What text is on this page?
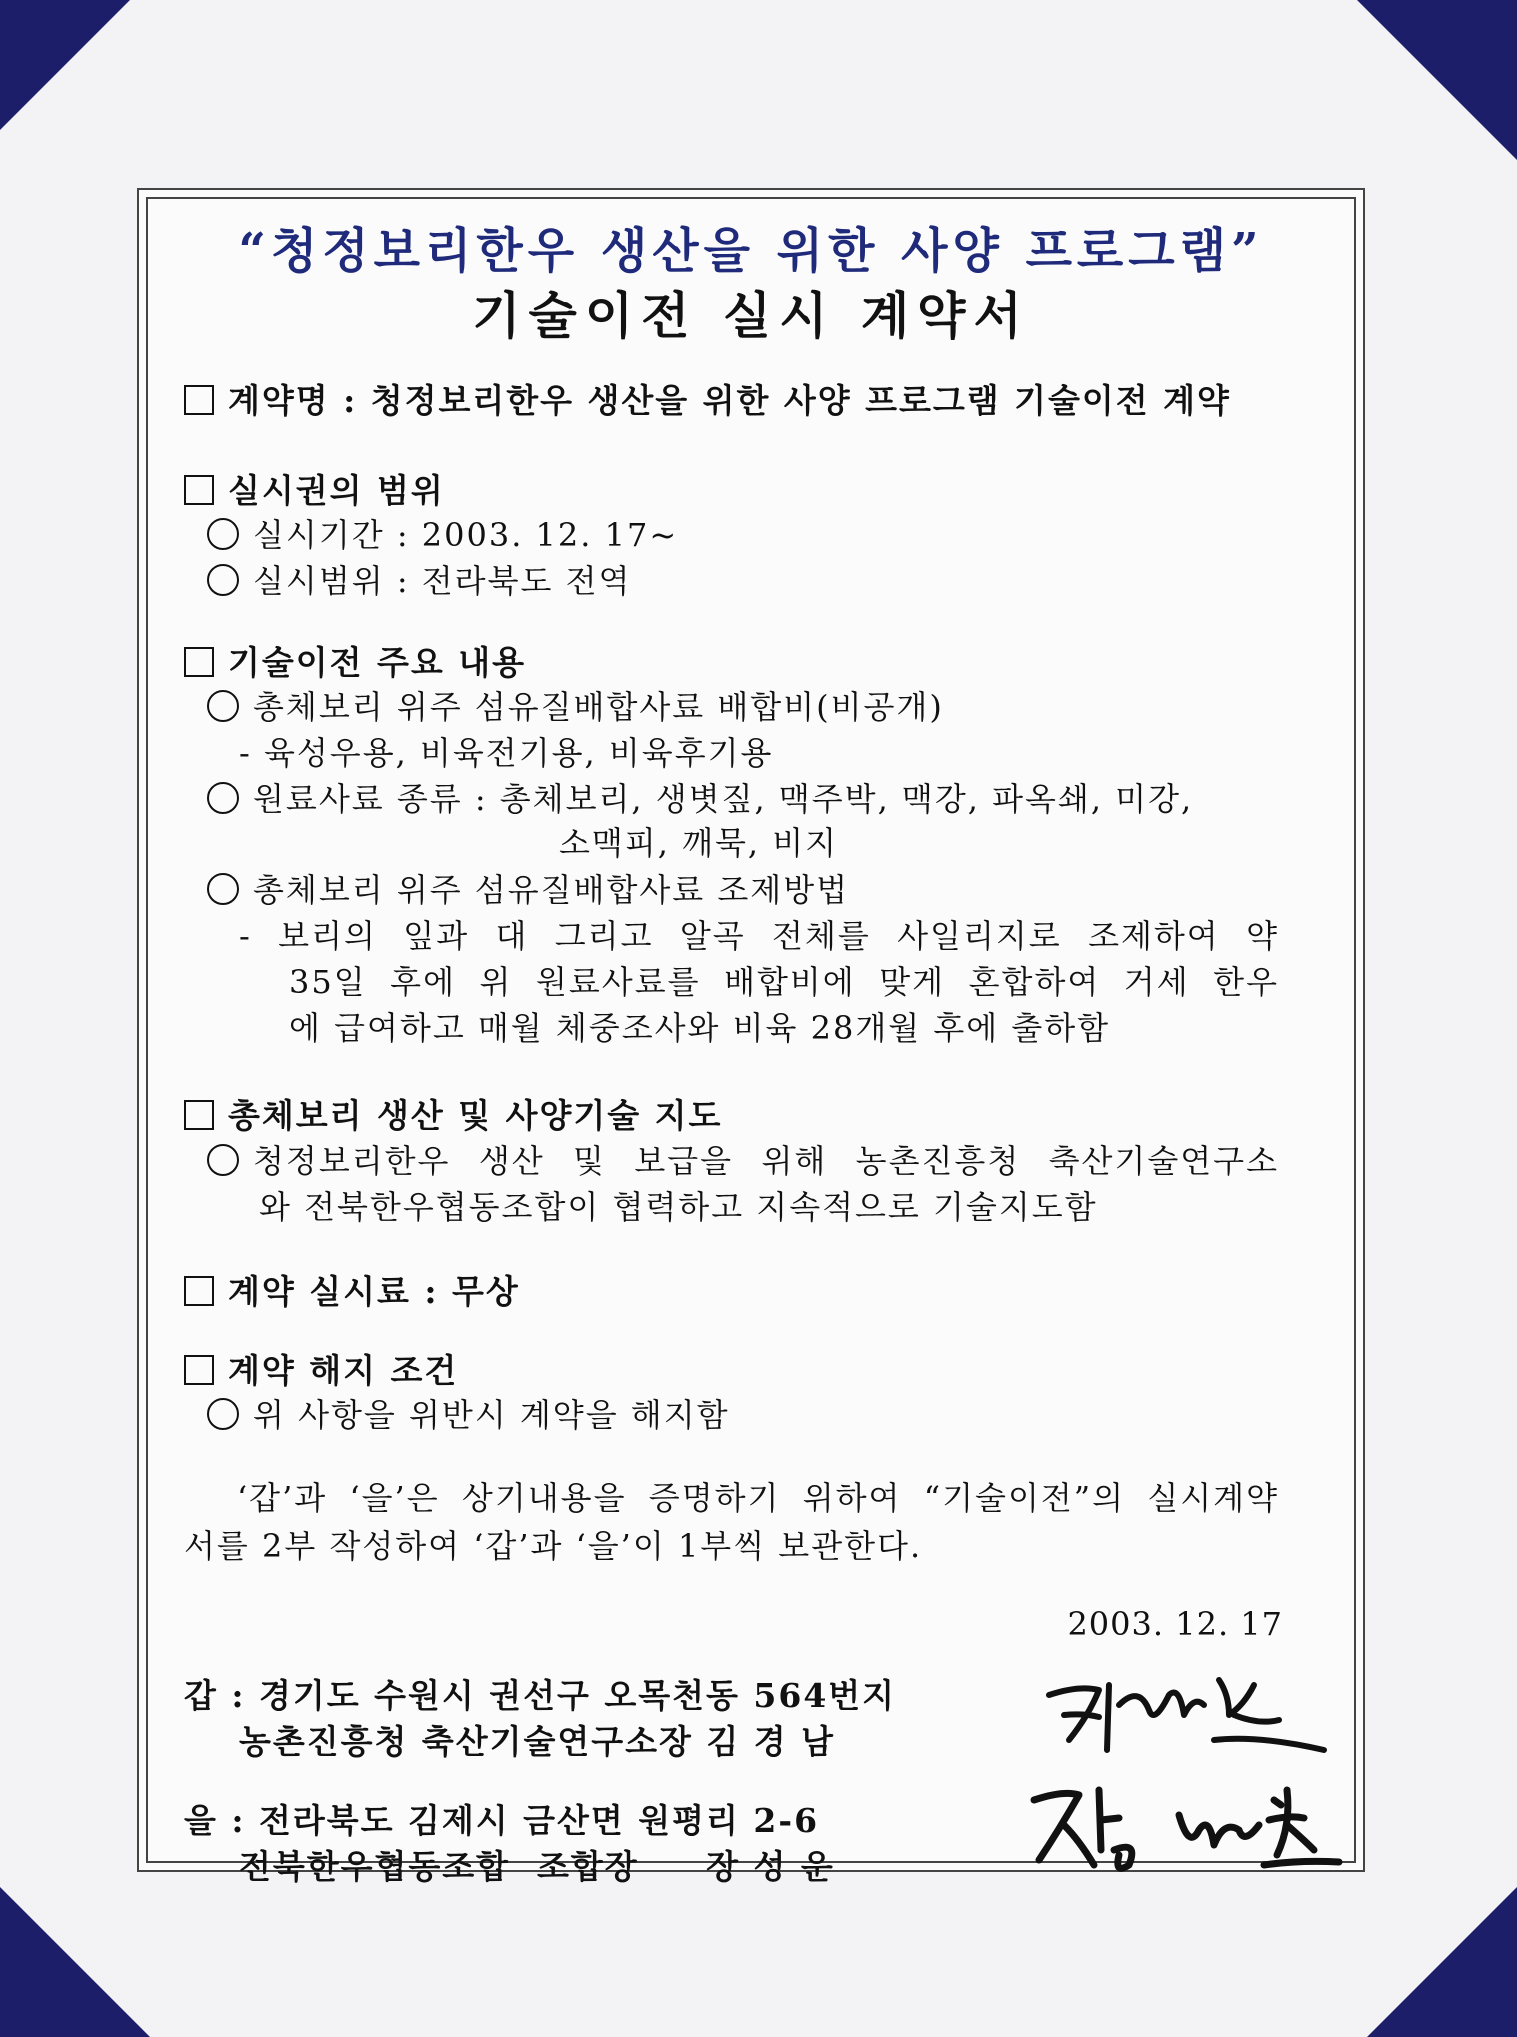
“청정보리한우 생산을 위한 사양 프로그램”
기술이전 실시 계약서
계약명 : 청정보리한우 생산을 위한 사양 프로그램 기술이전 계약
실시권의 범위
실시기간 : 2003. 12. 17~
실시범위 : 전라북도 전역
기술이전 주요 내용
총체보리 위주 섬유질배합사료 배합비(비공개)
- 육성우용, 비육전기용, 비육후기용
원료사료 종류 : 총체보리, 생볏짚, 맥주박, 맥강, 파옥쇄, 미강,
소맥피, 깨묵, 비지
총체보리 위주 섬유질배합사료 조제방법
- 보리의 잎과 대 그리고 알곡 전체를 사일리지로 조제하여 약
35일 후에 위 원료사료를 배합비에 맞게 혼합하여 거세 한우
에 급여하고 매월 체중조사와 비육 28개월 후에 출하함
총체보리 생산 및 사양기술 지도
청정보리한우 생산 및 보급을 위해 농촌진흥청 축산기술연구소
와 전북한우협동조합이 협력하고 지속적으로 기술지도함
계약 실시료 : 무상
계약 해지 조건
위 사항을 위반시 계약을 해지함
‘갑’과 ‘을’은 상기내용을 증명하기 위하여 “기술이전”의 실시계약
서를 2부 작성하여 ‘갑’과 ‘을’이 1부씩 보관한다.
2003. 12. 17
갑 : 경기도 수원시 권선구 오목천동 564번지
농촌진흥청 축산기술연구소장 김 경 남
을 : 전라북도 김제시 금산면 원평리 2-6
전북한우협동조합  조합장     장 성 운
